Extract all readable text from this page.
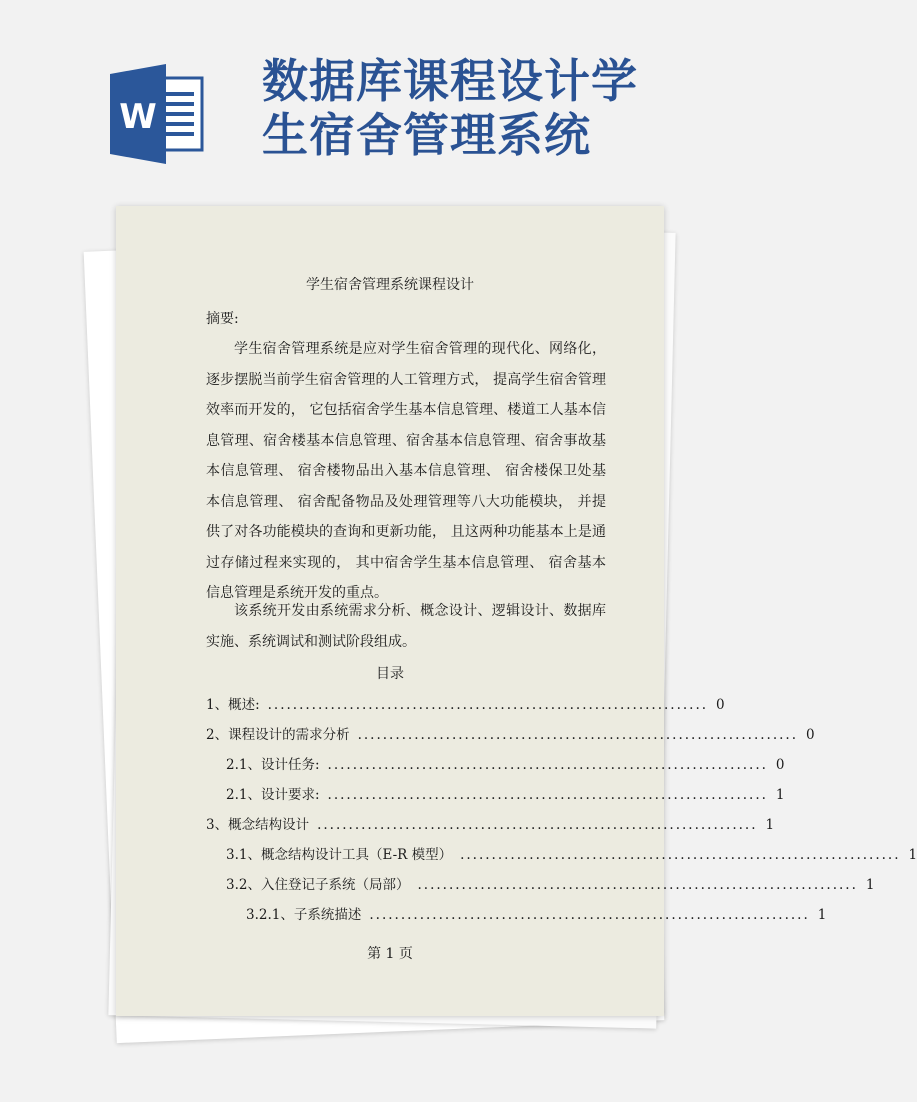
W
数据库课程设计学
生宿舍管理系统

学生宿舍管理系统课程设计

摘要:

学生宿舍管理系统是应对学生宿舍管理的现代化、网络化，逐步摆脱当前学生宿舍管理的人工管理方式， 提高学生宿舍管理效率而开发的， 它包括宿舍学生基本信息管理、楼道工人基本信息管理、宿舍楼基本信息管理、宿舍基本信息管理、宿舍事故基本信息管理、 宿舍楼物品出入基本信息管理、 宿舍楼保卫处基本信息管理、 宿舍配备物品及处理管理等八大功能模块， 并提供了对各功能模块的查询和更新功能， 且这两种功能基本上是通过存储过程来实现的， 其中宿舍学生基本信息管理、 宿舍基本信息管理是系统开发的重点。

该系统开发由系统需求分析、概念设计、逻辑设计、数据库实施、系统调试和测试阶段组成。

目录
1、概述: ...................................................................... 0
2、课程设计的需求分析 ...................................................................... 0
2.1、设计任务: ...................................................................... 0
2.1、设计要求: ...................................................................... 1
3、概念结构设计 ...................................................................... 1
3.1、概念结构设计工具（E-R 模型） ...................................................................... 1
3.2、入住登记子系统（局部） ...................................................................... 1
3.2.1、子系统描述 ...................................................................... 1
第 1 页
